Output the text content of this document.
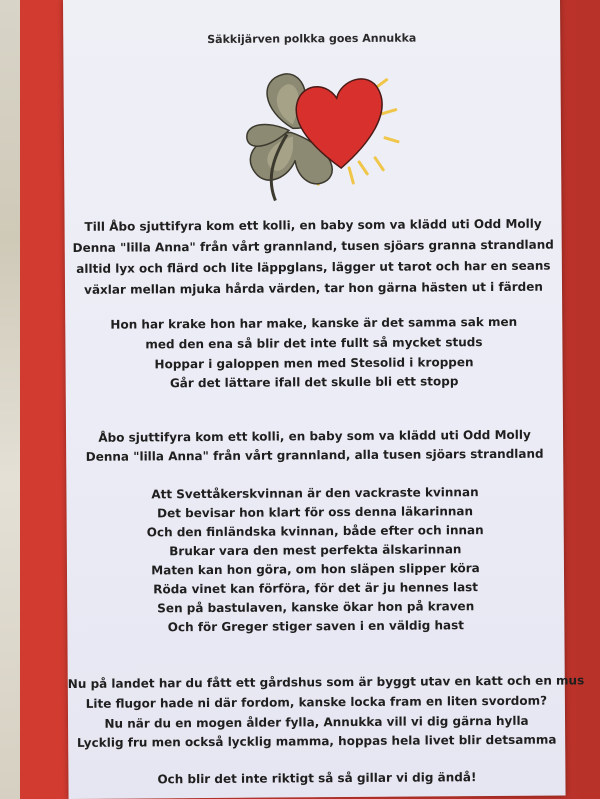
Säkkijärven polkka goes Annukka
Till Åbo sjuttifyra kom ett kolli, en baby som va klädd uti Odd Molly
Denna "lilla Anna" från vårt grannland, tusen sjöars granna strandland
alltid lyx och flärd och lite läppglans, lägger ut tarot och har en seans
växlar mellan mjuka hårda värden, tar hon gärna hästen ut i färden
Hon har krake hon har make, kanske är det samma sak men
med den ena så blir det inte fullt så mycket studs
Hoppar i galoppen men med Stesolid i kroppen
Går det lättare ifall det skulle bli ett stopp
Åbo sjuttifyra kom ett kolli, en baby som va klädd uti Odd Molly
Denna "lilla Anna" från vårt grannland, alla tusen sjöars strandland
Att Svettåkerskvinnan är den vackraste kvinnan
Det bevisar hon klart för oss denna läkarinnan
Och den finländska kvinnan, både efter och innan
Brukar vara den mest perfekta älskarinnan
Maten kan hon göra, om hon släpen slipper köra
Röda vinet kan förföra, för det är ju hennes last
Sen på bastulaven, kanske ökar hon på kraven
Och för Greger stiger saven i en väldig hast
Nu på landet har du fått ett gårdshus som är byggt utav en katt och en mus
Lite flugor hade ni där fordom, kanske locka fram en liten svordom?
Nu när du en mogen ålder fylla, Annukka vill vi dig gärna hylla
Lycklig fru men också lycklig mamma, hoppas hela livet blir detsamma
Och blir det inte riktigt så så gillar vi dig ändå!
